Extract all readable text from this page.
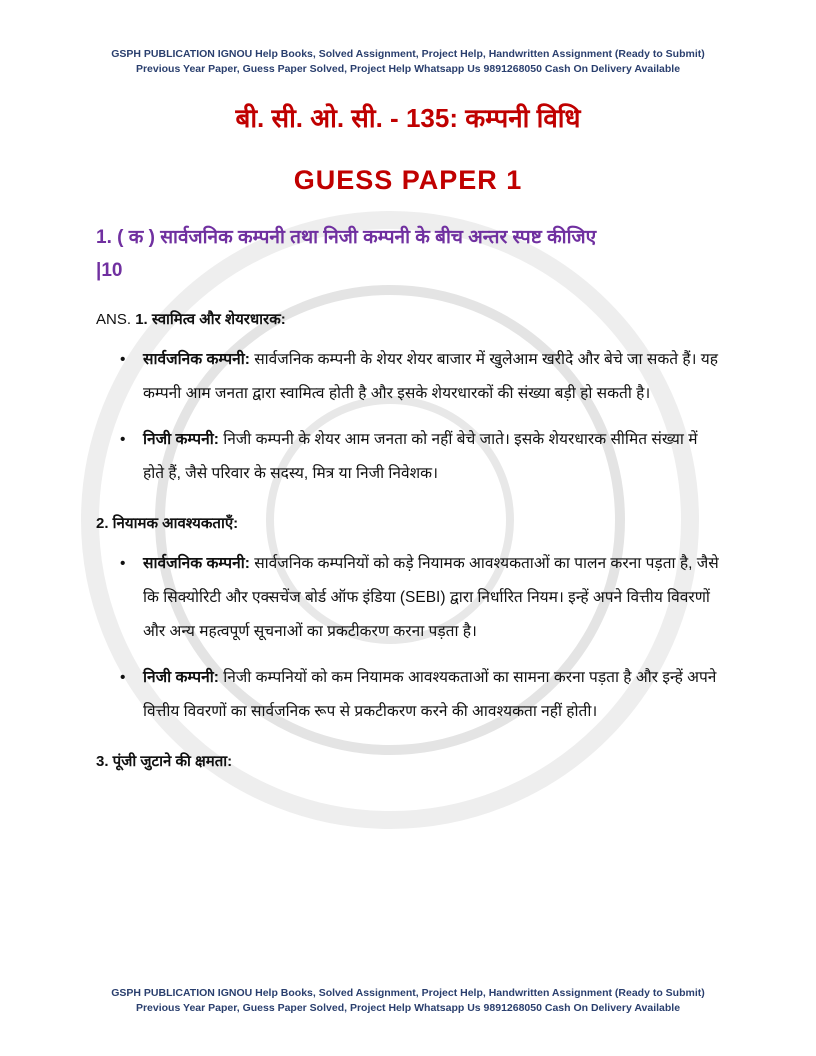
GSPH PUBLICATION IGNOU Help Books, Solved Assignment, Project Help, Handwritten Assignment (Ready to Submit)
Previous Year Paper, Guess Paper Solved, Project Help Whatsapp Us 9891268050 Cash On Delivery Available
बी. सी. ओ. सी. - 135: कम्पनी विधि
GUESS PAPER 1
1. ( क ) सार्वजनिक कम्पनी तथा निजी कम्पनी के बीच अन्तर स्पष्ट कीजिए
|10
ANS. 1. स्वामित्व और शेयरधारक:
• सार्वजनिक कम्पनी: सार्वजनिक कम्पनी के शेयर शेयर बाजार में खुलेआम खरीदे और बेचे जा सकते हैं। यह कम्पनी आम जनता द्वारा स्वामित्व होती है और इसके शेयरधारकों की संख्या बड़ी हो सकती है।
• निजी कम्पनी: निजी कम्पनी के शेयर आम जनता को नहीं बेचे जाते। इसके शेयरधारक सीमित संख्या में होते हैं, जैसे परिवार के सदस्य, मित्र या निजी निवेशक।
2. नियामक आवश्यकताएँ:
• सार्वजनिक कम्पनी: सार्वजनिक कम्पनियों को कड़े नियामक आवश्यकताओं का पालन करना पड़ता है, जैसे कि सिक्योरिटी और एक्सचेंज बोर्ड ऑफ इंडिया (SEBI) द्वारा निर्धारित नियम। इन्हें अपने वित्तीय विवरणों और अन्य महत्वपूर्ण सूचनाओं का प्रकटीकरण करना पड़ता है।
• निजी कम्पनी: निजी कम्पनियों को कम नियामक आवश्यकताओं का सामना करना पड़ता है और इन्हें अपने वित्तीय विवरणों का सार्वजनिक रूप से प्रकटीकरण करने की आवश्यकता नहीं होती।
3. पूंजी जुटाने की क्षमता:
GSPH PUBLICATION IGNOU Help Books, Solved Assignment, Project Help, Handwritten Assignment (Ready to Submit)
Previous Year Paper, Guess Paper Solved, Project Help Whatsapp Us 9891268050 Cash On Delivery Available
